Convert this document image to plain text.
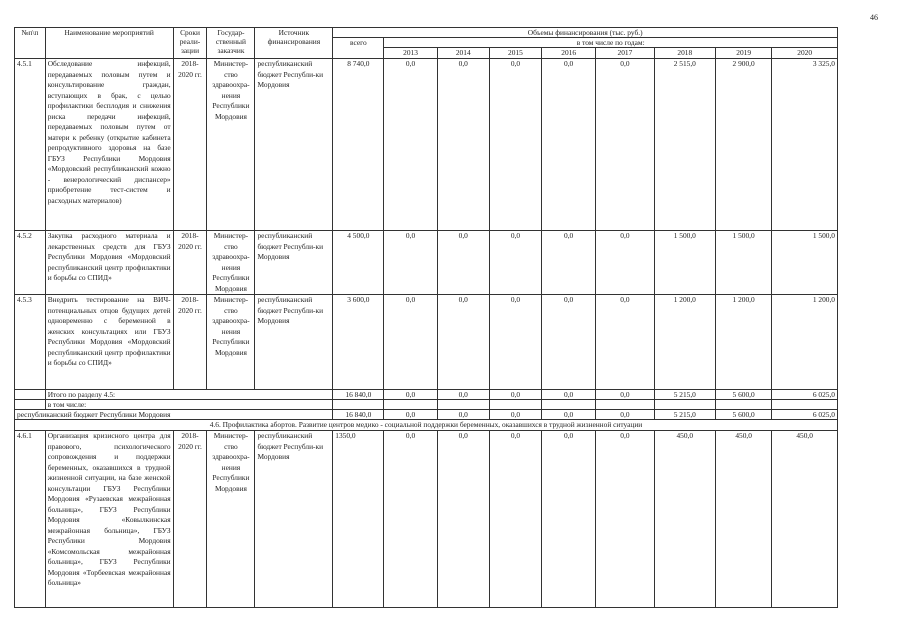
46
№п\п	Наименование мероприятий	Сроки реали-зации	Государ-ственный заказчик	Источник финансирования	Объемы финансирования (тыс. руб.)								
					всего	в том числе по годам:							
						2013	2014	2015	2016	2017	2018	2019	2020
4.5.1	Обследование инфекций, передаваемых половым путем и консультирование граждан, вступающих в брак, с целью профилактики бесплодия и снижения риска передачи инфекций, передаваемых половым путем от матери к ребенку (открытие кабинета репродуктивного здоровья на базе ГБУЗ Республики Мордовия «Мордовский республиканский кожно - венерологический диспансер» приобретение тест-систем и расходных материалов)	2018-2020 гг.	Министер-ство здравоохра-нения Республики Мордовия	республиканский бюджет Республи-ки Мордовия	8 740,0	0,0	0,0	0,0	0,0	0,0	2 515,0	2 900,0	3 325,0
4.5.2	Закупка расходного материала и лекарственных средств для ГБУЗ Республики Мордовия «Мордовский республиканский центр профилактики и борьбы со СПИД»	2018-2020 гг.	Министер-ство здравоохра-нения Республики Мордовия	республиканский бюджет Республи-ки Мордовия	4 500,0	0,0	0,0	0,0	0,0	0,0	1 500,0	1 500,0	1 500,0
4.5.3	Внедрить тестирование на ВИЧ-потенциальных отцов будущих детей одновременно с беременной в женских консультациях или ГБУЗ Республики Мордовия «Мордовский республиканский центр профилактики и борьбы со СПИД»	2018-2020 гг.	Министер-ство здравоохра-нения Республики Мордовия	республиканский бюджет Республи-ки Мордовия	3 600,0	0,0	0,0	0,0	0,0	0,0	1 200,0	1 200,0	1 200,0
	Итого по разделу 4.5:				16 840,0	0,0	0,0	0,0	0,0	0,0	5 215,0	5 600,0	6 025,0
	в том числе:												
республиканский бюджет Республики Мордовия					16 840,0	0,0	0,0	0,0	0,0	0,0	5 215,0	5 600,0	6 025,0
4.6. Профилактика абортов. Развитие центров медико - социальной поддержки беременных, оказавшихся в трудной жизненной ситуации													
4.6.1	Организация кризисного центра для правового, психологического сопровождения и поддержки беременных, оказавшихся в трудной жизненной ситуации, на базе женской консультации ГБУЗ Республики Мордовия «Рузаевская межрайонная больница», ГБУЗ Республики Мордовия «Ковылкинская межрайонная больница», ГБУЗ Республики Мордовия «Комсомольская межрайонная больница», ГБУЗ Республики Мордовия «Торбеевская межрайонная больница»	2018-2020 гг.	Министер-ство здравоохра-нения Республики Мордовия	республиканский бюджет Республи-ки Мордовия	1350,0	0,0	0,0	0,0	0,0	0,0	450,0	450,0	450,0
